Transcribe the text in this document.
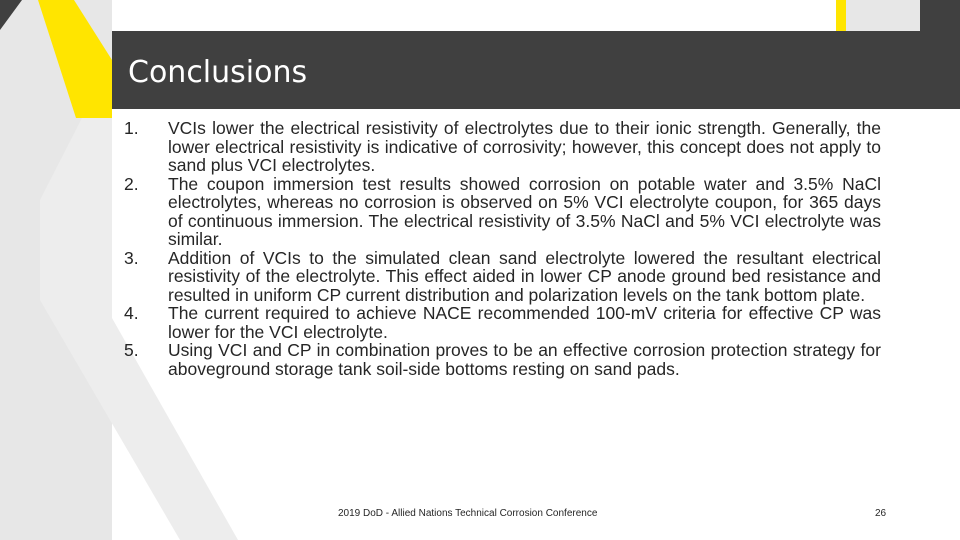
Conclusions
1.	VCIs lower the electrical resistivity of electrolytes due to their ionic strength. Generally, the lower electrical resistivity is indicative of corrosivity; however, this concept does not apply to sand plus VCI electrolytes.
2.	The coupon immersion test results showed corrosion on potable water and 3.5% NaCl electrolytes, whereas no corrosion is observed on 5% VCI electrolyte coupon, for 365 days of continuous immersion. The electrical resistivity of 3.5% NaCl and 5% VCI electrolyte was similar.
3.	Addition of VCIs to the simulated clean sand electrolyte lowered the resultant electrical resistivity of the electrolyte. This effect aided in lower CP anode ground bed resistance and resulted in uniform CP current distribution and polarization levels on the tank bottom plate.
4.	The current required to achieve NACE recommended 100-mV criteria for effective CP was lower for the VCI electrolyte.
5.	Using VCI and CP in combination proves to be an effective corrosion protection strategy for aboveground storage tank soil-side bottoms resting on sand pads.
2019 DoD - Allied Nations Technical Corrosion Conference	26
